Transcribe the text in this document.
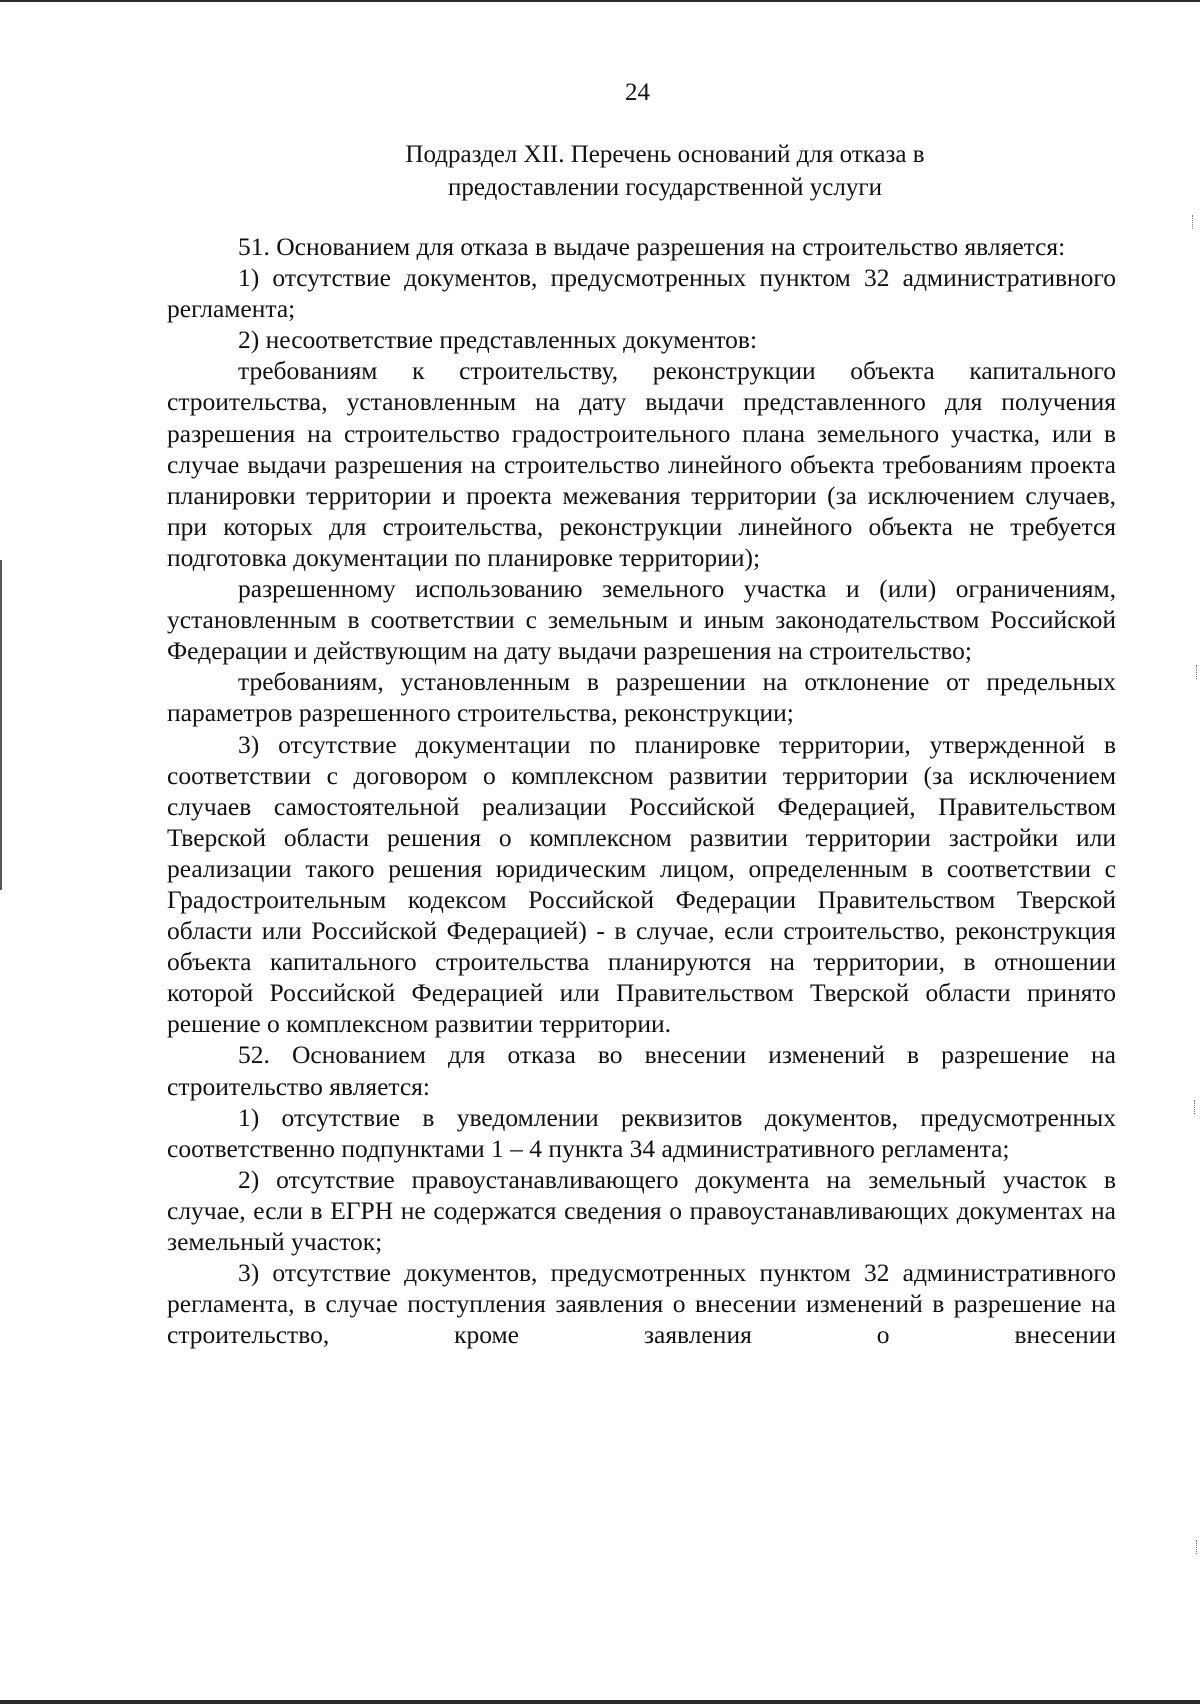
24
Подраздел XII. Перечень оснований для отказа в
предоставлении государственной услуги

51. Основанием для отказа в выдаче разрешения на строительство является:

1) отсутствие документов, предусмотренных пунктом 32 административного регламента;

2) несоответствие представленных документов:

требованиям к строительству, реконструкции объекта капитального строительства, установленным на дату выдачи представленного для получения разрешения на строительство градостроительного плана земельного участка, или в случае выдачи разрешения на строительство линейного объекта требованиям проекта планировки территории и проекта межевания территории (за исключением случаев, при которых для строительства, реконструкции линейного объекта не требуется подготовка документации по планировке территории);

разрешенному использованию земельного участка и (или) ограничениям, установленным в соответствии с земельным и иным законодательством Российской Федерации и действующим на дату выдачи разрешения на строительство;

требованиям, установленным в разрешении на отклонение от предельных параметров разрешенного строительства, реконструкции;

3) отсутствие документации по планировке территории, утвержденной в соответствии с договором о комплексном развитии территории (за исключением случаев самостоятельной реализации Российской Федерацией, Правительством Тверской области решения о комплексном развитии территории застройки или реализации такого решения юридическим лицом, определенным в соответствии с Градостроительным кодексом Российской Федерации Правительством Тверской области или Российской Федерацией) - в случае, если строительство, реконструкция объекта капитального строительства планируются на территории, в отношении которой Российской Федерацией или Правительством Тверской области принято решение о комплексном развитии территории.

52. Основанием для отказа во внесении изменений в разрешение на строительство является:

1) отсутствие в уведомлении реквизитов документов, предусмотренных соответственно подпунктами 1 – 4 пункта 34 административного регламента;

2) отсутствие правоустанавливающего документа на земельный участок в случае, если в ЕГРН не содержатся сведения о правоустанавливающих документах на земельный участок;

3) отсутствие документов, предусмотренных пунктом 32 административного регламента, в случае поступления заявления о внесении изменений в разрешение на строительство, кроме заявления о внесении
